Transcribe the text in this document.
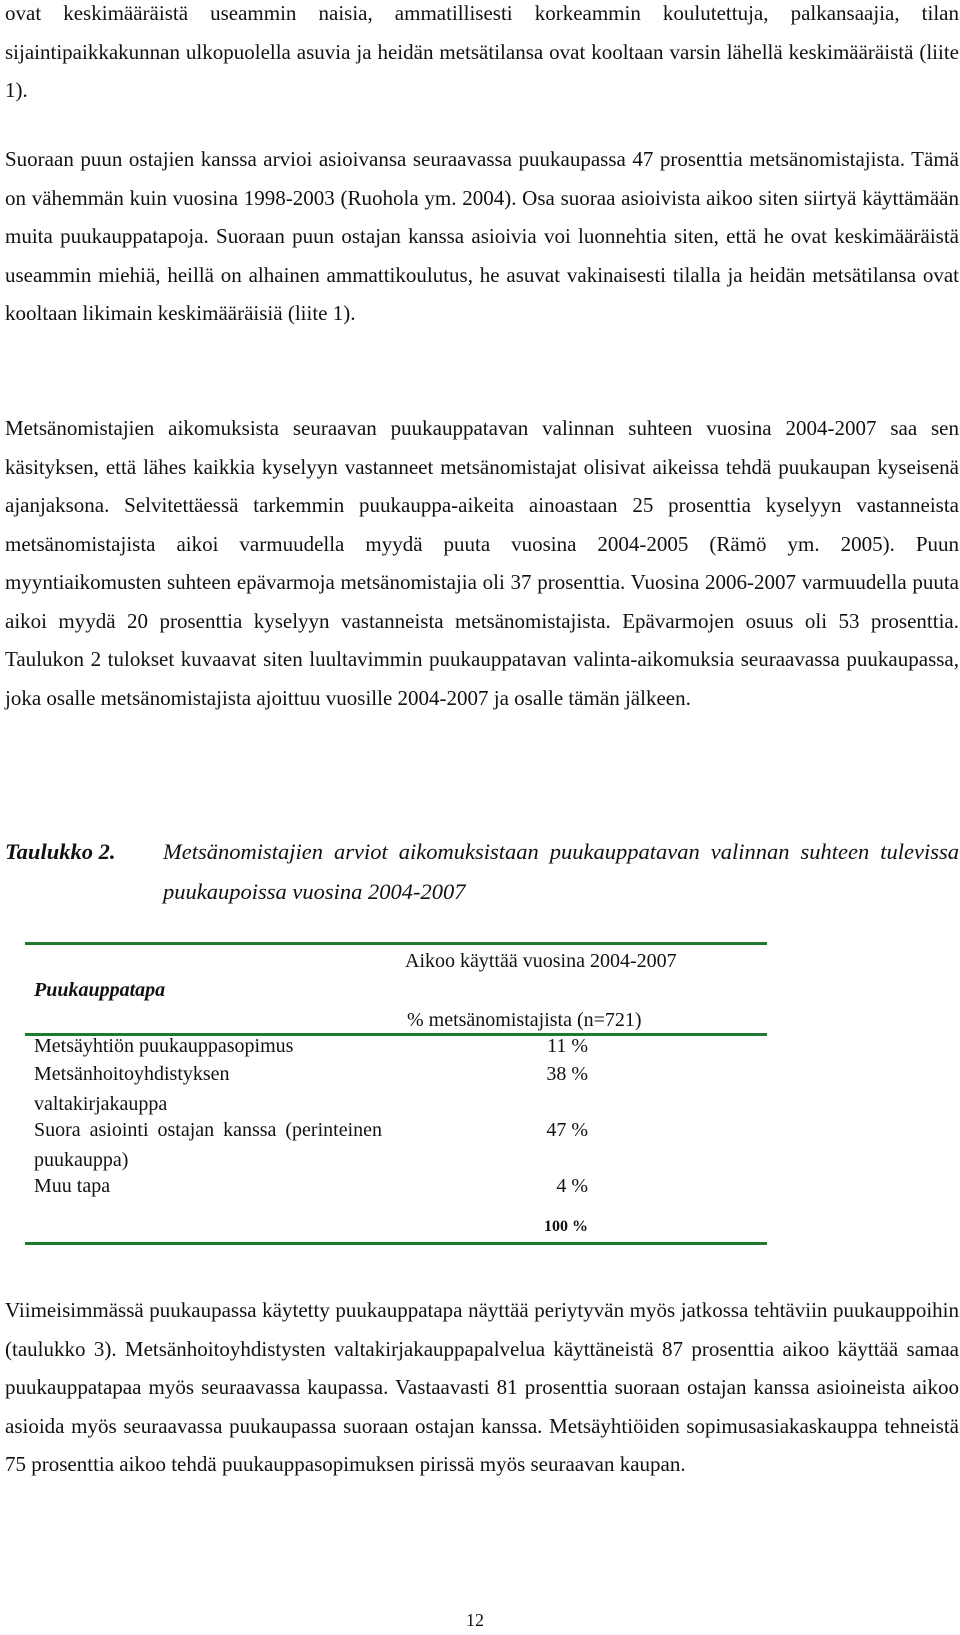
ovat keskimääräistä useammin naisia, ammatillisesti korkeammin koulutettuja, palkansaajia, tilan sijaintipaikkakunnan ulkopuolella asuvia ja heidän metsätilansa ovat kooltaan varsin lähellä keskimääräistä (liite 1).

Suoraan puun ostajien kanssa arvioi asioivansa seuraavassa puukaupassa 47 prosenttia metsänomistajista. Tämä on vähemmän kuin vuosina 1998-2003 (Ruohola ym. 2004). Osa suoraa asioivista aikoo siten siirtyä käyttämään muita puukauppatapoja. Suoraan puun ostajan kanssa asioivia voi luonnehtia siten, että he ovat keskimääräistä useammin miehiä, heillä on alhainen ammattikoulutus, he asuvat vakinaisesti tilalla ja heidän metsätilansa ovat kooltaan likimain keskimääräisiä (liite 1).

Metsänomistajien aikomuksista seuraavan puukauppatavan valinnan suhteen vuosina 2004-2007 saa sen käsityksen, että lähes kaikkia kyselyyn vastanneet metsänomistajat olisivat aikeissa tehdä puukaupan kyseisenä ajanjaksona. Selvitettäessä tarkemmin puukauppa-aikeita ainoastaan 25 prosenttia kyselyyn vastanneista metsänomistajista aikoi varmuudella myydä puuta vuosina 2004-2005 (Rämö ym. 2005). Puun myyntiaikomusten suhteen epävarmoja metsänomistajia oli 37 prosenttia. Vuosina 2006-2007 varmuudella puuta aikoi myydä 20 prosenttia kyselyyn vastanneista metsänomistajista. Epävarmojen osuus oli 53 prosenttia. Taulukon 2 tulokset kuvaavat siten luultavimmin puukauppatavan valinta-aikomuksia seuraavassa puukaupassa, joka osalle metsänomistajista ajoittuu vuosille 2004-2007 ja osalle tämän jälkeen.

Taulukko 2. Metsänomistajien arviot aikomuksistaan puukauppatavan valinnan suhteen tulevissa puukaupoissa vuosina 2004-2007
Aikoo käyttää vuosina 2004-2007
Puukauppatapa
% metsänomistajista (n=721)
Metsäyhtiön puukauppasopimus	11 %
Metsänhoitoyhdistyksen valtakirjakauppa
38 %
Suora asiointi ostajan kanssa (perinteinen puukauppa)
47 %
Muu tapa	4 %
100 %

Viimeisimmässä puukaupassa käytetty puukauppatapa näyttää periytyvän myös jatkossa tehtäviin puukauppoihin (taulukko 3). Metsänhoitoyhdistysten valtakirjakauppapalvelua käyttäneistä 87 prosenttia aikoo käyttää samaa puukauppatapaa myös seuraavassa kaupassa. Vastaavasti 81 prosenttia suoraan ostajan kanssa asioineista aikoo asioida myös seuraavassa puukaupassa suoraan ostajan kanssa. Metsäyhtiöiden sopimusasiakaskauppa tehneistä 75 prosenttia aikoo tehdä puukauppasopimuksen pirissä myös seuraavan kaupan.

12
